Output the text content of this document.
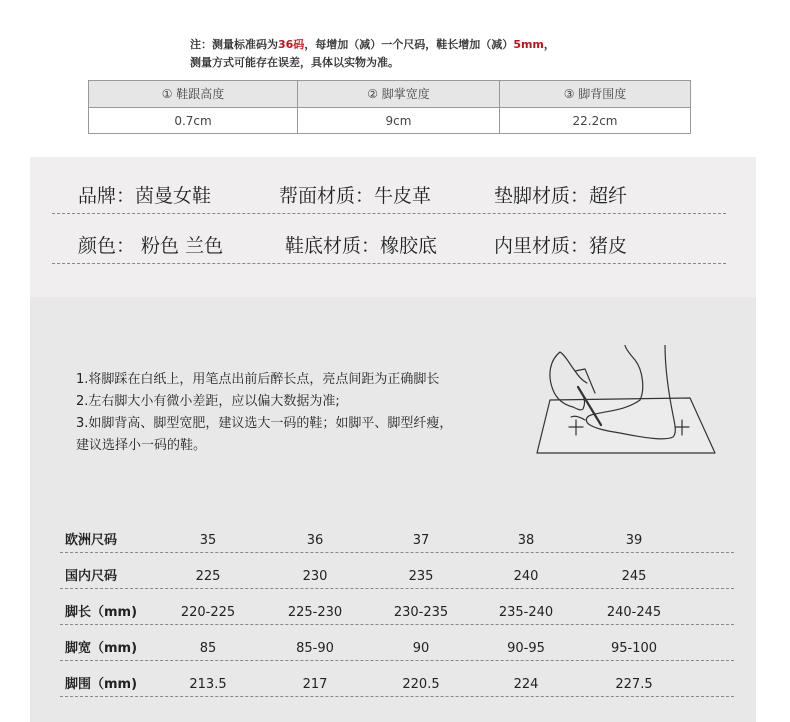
注：测量标准码为36码，每增加（减）一个尺码，鞋长增加（减）5mm，
测量方式可能存在误差，具体以实物为准。
① 鞋跟高度	② 脚掌宽度	③ 脚背围度
0.7cm	9cm	22.2cm
品牌：茵曼女鞋	帮面材质：牛皮革	垫脚材质：超纤
颜色： 粉色 兰色	鞋底材质：橡胶底	内里材质：猪皮
1.将脚踩在白纸上，用笔点出前后醉长点，亮点间距为正确脚长
2.左右脚大小有微小差距，应以偏大数据为准;
3.如脚背高、脚型宽肥，建议选大一码的鞋；如脚平、脚型纤瘦，
建议选择小一码的鞋。
欧洲尺码	35	36	37	38	39
国内尺码	225	230	235	240	245
脚长（mm)	220-225	225-230	230-235	235-240	240-245
脚宽（mm)	85	85-90	90	90-95	95-100
脚围（mm)	213.5	217	220.5	224	227.5
